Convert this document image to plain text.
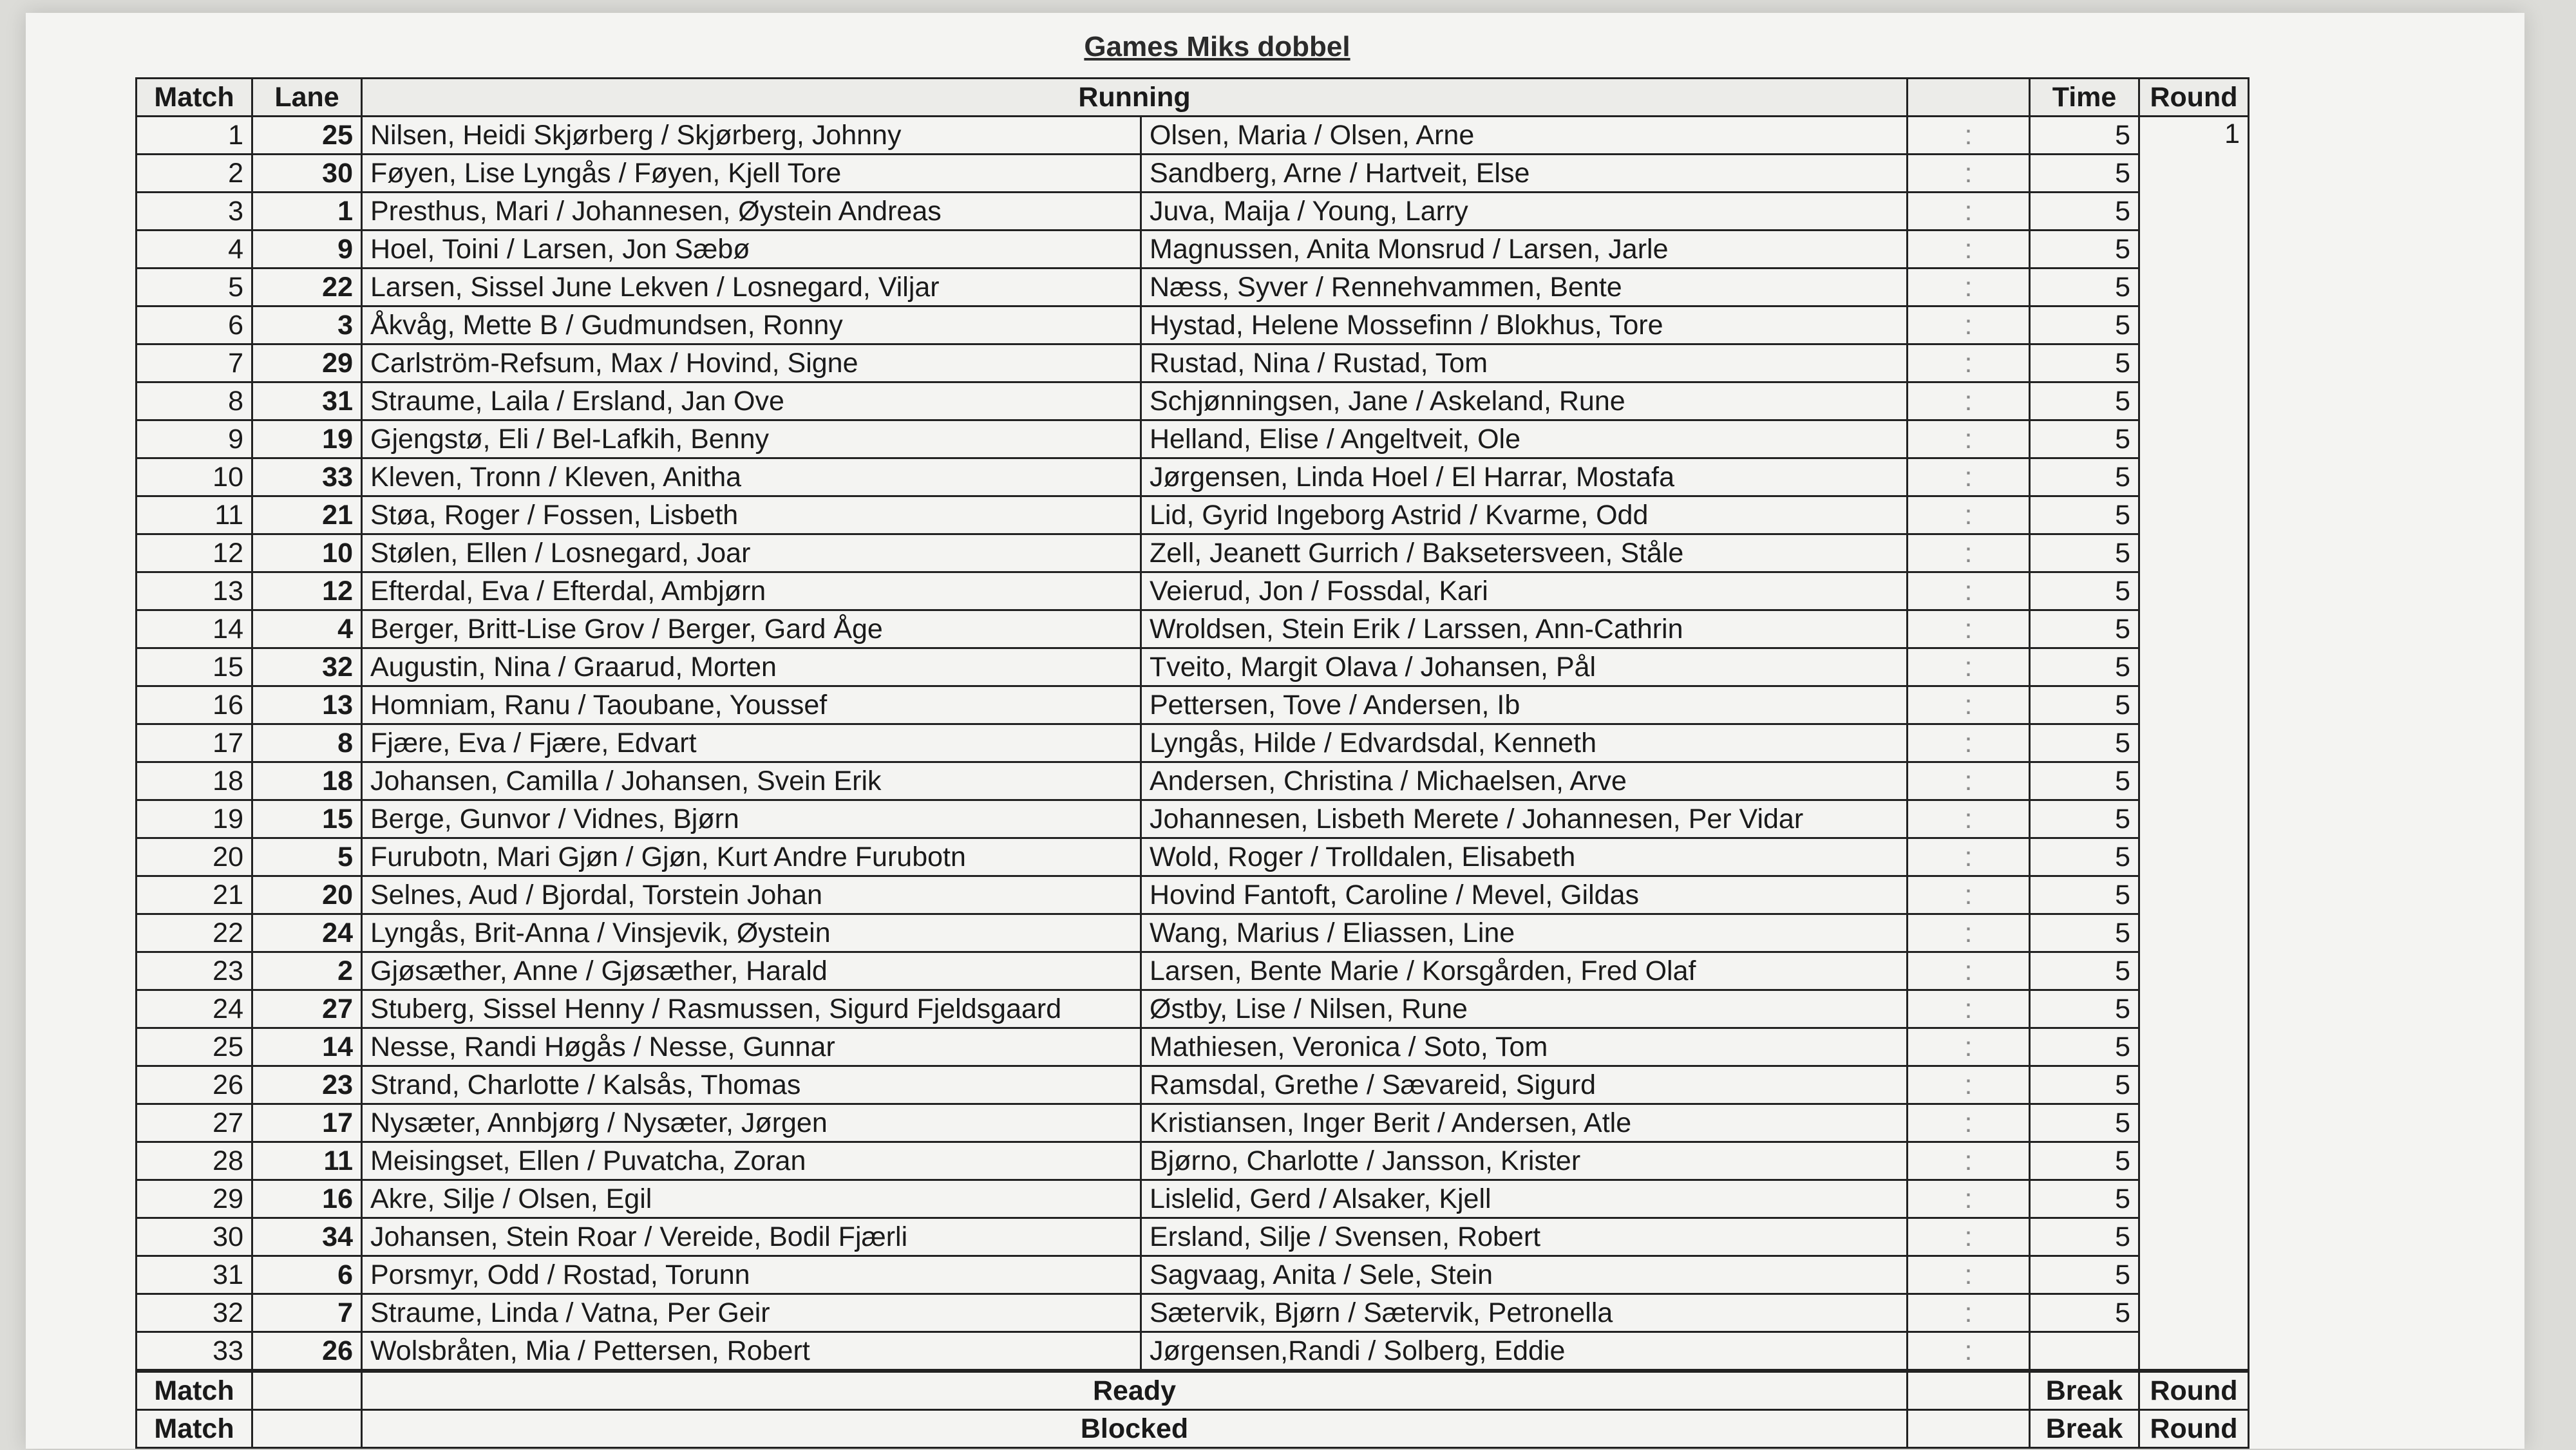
Games Miks dobbel
Match	Lane	Running			Time	Round
1	25	Nilsen, Heidi Skjørberg / Skjørberg, Johnny	Olsen, Maria / Olsen, Arne	:	5	1
2	30	Føyen, Lise Lyngås / Føyen, Kjell Tore	Sandberg, Arne / Hartveit, Else	:	5	
3	1	Presthus, Mari / Johannesen, Øystein Andreas	Juva, Maija / Young, Larry	:	5	
4	9	Hoel, Toini / Larsen, Jon Sæbø	Magnussen, Anita Monsrud / Larsen, Jarle	:	5	
5	22	Larsen, Sissel June Lekven / Losnegard, Viljar	Næss, Syver / Rennehvammen, Bente	:	5	
6	3	Åkvåg, Mette B / Gudmundsen, Ronny	Hystad, Helene Mossefinn / Blokhus, Tore	:	5	
7	29	Carlström-Refsum, Max / Hovind, Signe	Rustad, Nina / Rustad, Tom	:	5	
8	31	Straume, Laila / Ersland, Jan Ove	Schjønningsen, Jane / Askeland, Rune	:	5	
9	19	Gjengstø, Eli / Bel-Lafkih, Benny	Helland, Elise / Angeltveit, Ole	:	5	
10	33	Kleven, Tronn / Kleven, Anitha	Jørgensen, Linda Hoel / El Harrar, Mostafa	:	5	
11	21	Støa, Roger / Fossen, Lisbeth	Lid, Gyrid Ingeborg Astrid / Kvarme, Odd	:	5	
12	10	Stølen, Ellen / Losnegard, Joar	Zell, Jeanett Gurrich / Baksetersveen, Ståle	:	5	
13	12	Efterdal, Eva / Efterdal, Ambjørn	Veierud, Jon / Fossdal, Kari	:	5	
14	4	Berger, Britt-Lise Grov / Berger, Gard Åge	Wroldsen, Stein Erik / Larssen, Ann-Cathrin	:	5	
15	32	Augustin, Nina / Graarud, Morten	Tveito, Margit Olava / Johansen, Pål	:	5	
16	13	Homniam, Ranu / Taoubane, Youssef	Pettersen, Tove / Andersen, Ib	:	5	
17	8	Fjære, Eva / Fjære, Edvart	Lyngås, Hilde / Edvardsdal, Kenneth	:	5	
18	18	Johansen, Camilla / Johansen, Svein Erik	Andersen, Christina / Michaelsen, Arve	:	5	
19	15	Berge, Gunvor / Vidnes, Bjørn	Johannesen, Lisbeth Merete / Johannesen, Per Vidar	:	5	
20	5	Furubotn, Mari Gjøn / Gjøn, Kurt Andre Furubotn	Wold, Roger / Trolldalen, Elisabeth	:	5	
21	20	Selnes, Aud / Bjordal, Torstein Johan	Hovind Fantoft, Caroline / Mevel, Gildas	:	5	
22	24	Lyngås, Brit-Anna / Vinsjevik, Øystein	Wang, Marius / Eliassen, Line	:	5	
23	2	Gjøsæther, Anne / Gjøsæther, Harald	Larsen, Bente Marie / Korsgården, Fred Olaf	:	5	
24	27	Stuberg, Sissel Henny / Rasmussen, Sigurd Fjeldsgaard	Østby, Lise / Nilsen, Rune	:	5	
25	14	Nesse, Randi Høgås / Nesse, Gunnar	Mathiesen, Veronica / Soto, Tom	:	5	
26	23	Strand, Charlotte / Kalsås, Thomas	Ramsdal, Grethe / Sævareid, Sigurd	:	5	
27	17	Nysæter, Annbjørg / Nysæter, Jørgen	Kristiansen, Inger Berit / Andersen, Atle	:	5	
28	11	Meisingset, Ellen / Puvatcha, Zoran	Bjørno, Charlotte / Jansson, Krister	:	5	
29	16	Akre, Silje / Olsen, Egil	Lislelid, Gerd / Alsaker, Kjell	:	5	
30	34	Johansen, Stein Roar / Vereide, Bodil Fjærli	Ersland, Silje / Svensen, Robert	:	5	
31	6	Porsmyr, Odd / Rostad, Torunn	Sagvaag, Anita / Sele, Stein	:	5	
32	7	Straume, Linda / Vatna, Per Geir	Sætervik, Bjørn / Sætervik, Petronella	:	5	
33	26	Wolsbråten, Mia / Pettersen, Robert	Jørgensen,Randi / Solberg, Eddie	:		
Match		Ready			Break	Round
Match		Blocked			Break	Round
